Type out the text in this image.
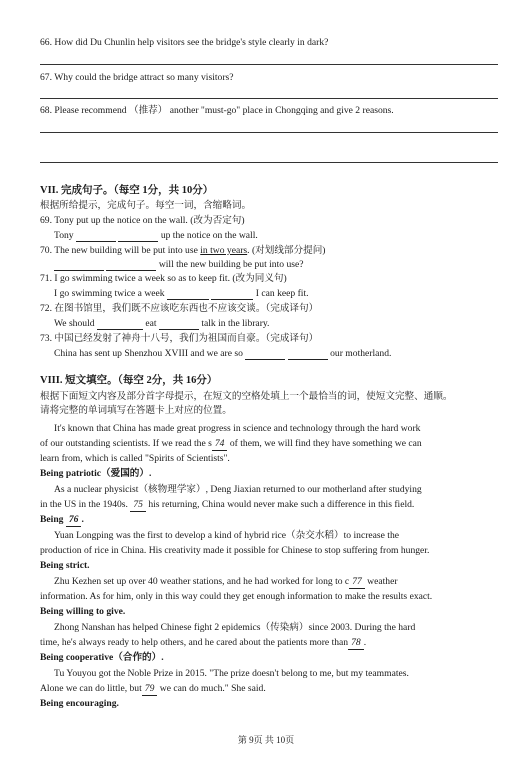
66. How did Du Chunlin help visitors see the bridge's style clearly in dark?
67. Why could the bridge attract so many visitors?
68. Please recommend （推荐） another "must-go" place in Chongqing and give 2 reasons.
VII. 完成句子。（每空 1分，共 10分）
根据所给提示，完成句子。每空一词，含缩略词。
69. Tony put up the notice on the wall. (改为否定句)
Tony	up the notice on the wall.
70. The new building will be put into use in two years. (对划线部分提问)
will the new building be put into use?
71. I go swimming twice a week so as to keep fit. (改为同义句)
I go swimming twice a week	I can keep fit.
72. 在图书馆里，我们既不应该吃东西也不应该交谈。（完成译句）
We should	eat	talk in the library.
73. 中国已经发射了神舟十八号，我们为祖国而自豪。（完成译句）
China has sent up Shenzhou XVIII and we are so	our motherland.
VIII. 短文填空。（每空 2分，共 16分）
根据下面短文内容及部分首字母提示，在短文的空格处填上一个最恰当的词，使短文完整、通顺。
请将完整的单词填写在答题卡上对应的位置。
It's known that China has made great progress in science and technology through the hard work
of our outstanding scientists. If we read the s 74 of them, we will find they have something we can
learn from, which is called "Spirits of Scientists".
Being patriotic（爱国的）.
As a nuclear physicist（核物理学家）, Deng Jiaxian returned to our motherland after studying
in the US in the 1940s. 75 his returning, China would never make such a difference in this field.
Being 76 .
Yuan Longping was the first to develop a kind of hybrid rice（杂交水稻）to increase the
production of rice in China. His creativity made it possible for Chinese to stop suffering from hunger.
Being strict.
Zhu Kezhen set up over 40 weather stations, and he had worked for long to c 77 weather
information. As for him, only in this way could they get enough information to make the results exact.
Being willing to give.
Zhong Nanshan has helped Chinese fight 2 epidemics（传染病）since 2003. During the hard
time, he's always ready to help others, and he cared about the patients more than 78 .
Being cooperative（合作的）.
Tu Youyou got the Noble Prize in 2015. "The prize doesn't belong to me, but my teammates.
Alone we can do little, but 79 we can do much." She said.
Being encouraging.
第 9页 共 10页
